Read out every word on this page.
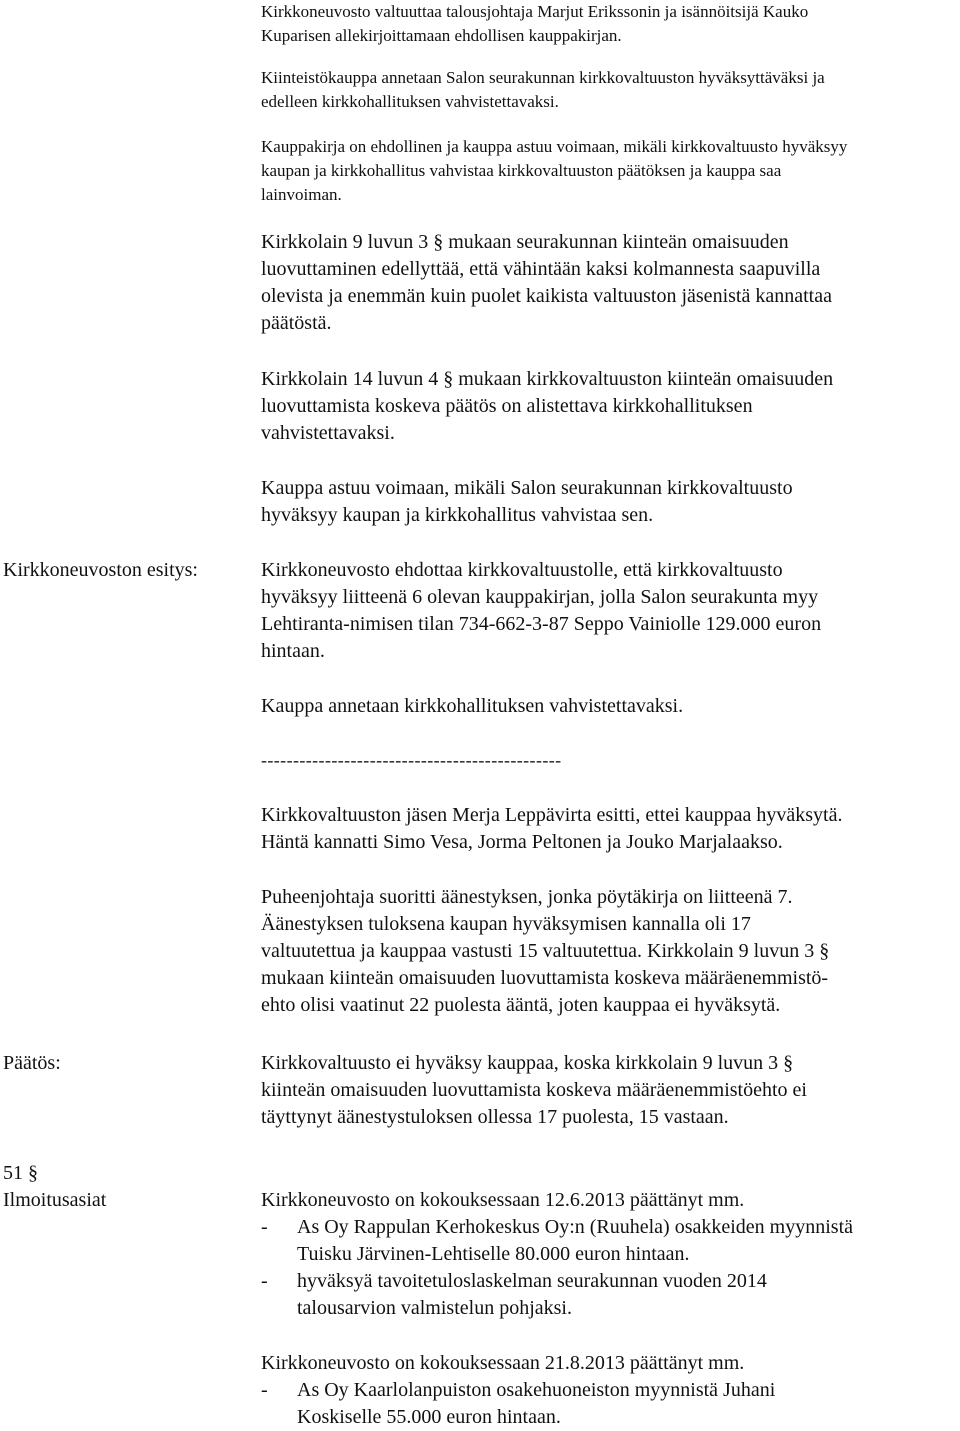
Kirkkoneuvosto valtuuttaa talousjohtaja Marjut Erikssonin ja isännöitsijä Kauko
Kuparisen allekirjoittamaan ehdollisen kauppakirjan.
Kiinteistökauppa annetaan Salon seurakunnan kirkkovaltuuston hyväksyttäväksi ja
edelleen kirkkohallituksen vahvistettavaksi.
Kauppakirja on ehdollinen ja kauppa astuu voimaan, mikäli kirkkovaltuusto hyväksyy
kaupan ja kirkkohallitus vahvistaa kirkkovaltuuston päätöksen ja kauppa saa
lainvoiman.
Kirkkolain 9 luvun 3 § mukaan seurakunnan kiinteän omaisuuden
luovuttaminen edellyttää, että vähintään kaksi kolmannesta saapuvilla
olevista ja enemmän kuin puolet kaikista valtuuston jäsenistä kannattaa
päätöstä.
Kirkkolain 14 luvun 4 § mukaan kirkkovaltuuston kiinteän omaisuuden
luovuttamista koskeva päätös on alistettava kirkkohallituksen
vahvistettavaksi.
Kauppa astuu voimaan, mikäli Salon seurakunnan kirkkovaltuusto
hyväksyy kaupan ja kirkkohallitus vahvistaa sen.
Kirkkoneuvoston esitys:	Kirkkoneuvosto ehdottaa kirkkovaltuustolle, että kirkkovaltuusto
hyväksyy liitteenä 6 olevan kauppakirjan, jolla Salon seurakunta myy
Lehtiranta-nimisen tilan 734-662-3-87 Seppo Vainiolle 129.000 euron
hintaan.
Kauppa annetaan kirkkohallituksen vahvistettavaksi.
-----------------------------------------------
Kirkkovaltuuston jäsen Merja Leppävirta esitti, ettei kauppaa hyväksytä.
Häntä kannatti Simo Vesa, Jorma Peltonen ja Jouko Marjalaakso.
Puheenjohtaja suoritti äänestyksen, jonka pöytäkirja on liitteenä 7.
Äänestyksen tuloksena kaupan hyväksymisen kannalla oli 17
valtuutettua ja kauppaa vastusti 15 valtuutettua. Kirkkolain 9 luvun 3 §
mukaan kiinteän omaisuuden luovuttamista koskeva määräenemmistö-
ehto olisi vaatinut 22 puolesta ääntä, joten kauppaa ei hyväksytä.
Päätös:	Kirkkovaltuusto ei hyväksy kauppaa, koska kirkkolain 9 luvun 3 §
kiinteän omaisuuden luovuttamista koskeva määräenemmistöehto ei
täyttynyt äänestystuloksen ollessa 17 puolesta, 15 vastaan.
51 §
Ilmoitusasiat	Kirkkoneuvosto on kokouksessaan 12.6.2013 päättänyt mm.
- As Oy Rappulan Kerhokeskus Oy:n (Ruuhela) osakkeiden myynnistä
Tuisku Järvinen-Lehtiselle 80.000 euron hintaan.
- hyväksyä tavoitetuloslaskelman seurakunnan vuoden 2014
talousarvion valmistelun pohjaksi.
Kirkkoneuvosto on kokouksessaan 21.8.2013 päättänyt mm.
- As Oy Kaarlolanpuiston osakehuoneiston myynnistä Juhani
Koskiselle 55.000 euron hintaan.
